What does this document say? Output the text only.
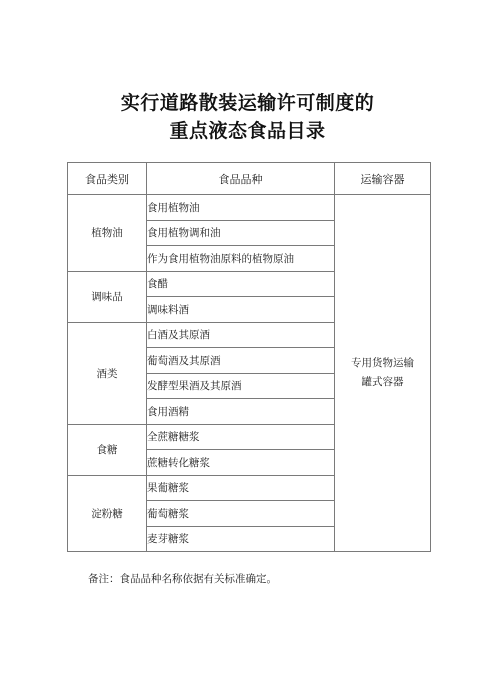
实行道路散装运输许可制度的
重点液态食品目录
食品类别	食品品种	运输容器
植物油	食用植物油	专用货物运输
罐式容器

	食用植物调和油	
	作为食用植物油原料的植物原油	
调味品	食醋	
	调味料酒	
酒类	白酒及其原酒	
	葡萄酒及其原酒	
	发酵型果酒及其原酒	
	食用酒精	
食糖	全蔗糖糖浆	
	蔗糖转化糖浆	
淀粉糖	果葡糖浆	
	葡萄糖浆	
	麦芽糖浆	
备注：食品品种名称依据有关标准确定。
